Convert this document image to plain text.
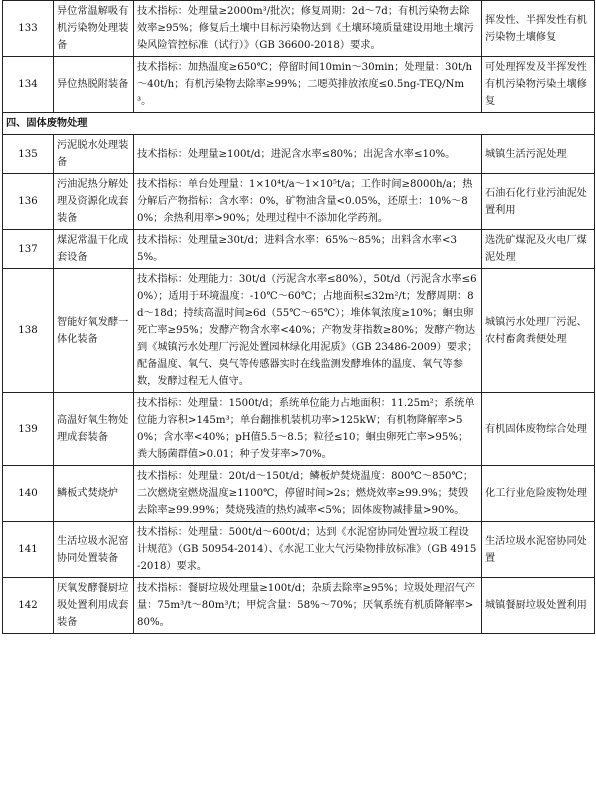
133	异位常温解吸有机污染物处理装备	技术指标：处理量≥2000m³/批次；修复周期：2d～7d；有机污染物去除效率≥95%；修复后土壤中目标污染物达到《土壤环境质量建设用地土壤污染风险管控标准（试行）》（GB 36600-2018）要求。	挥发性、半挥发性有机污染物土壤修复
134	异位热脱附装备	技术指标：加热温度≥650℃；停留时间10min～30min；处理量：30t/h～40t/h；有机污染物去除率≥99%；二噁英排放浓度≤0.5ng-TEQ/Nm³。	可处理挥发及半挥发性有机污染物污染土壤修复
四、固体废物处理			
135	污泥脱水处理装备	技术指标：处理量≥100t/d；进泥含水率≤80%；出泥含水率≤10%。	城镇生活污泥处理
136	污油泥热分解处理及资源化成套装备	技术指标：单台处理量：1×10⁴t/a～1×10⁵t/a；工作时间≥8000h/a；热分解后产物指标：含水率：0%，矿物油含量<0.05%，还原土：10%～80%；余热利用率>90%；处理过程中不添加化学药剂。	石油石化行业污油泥处置利用
137	煤泥常温干化成套设备	技术指标：处理量≥30t/d；进料含水率：65%～85%；出料含水率<35%。	选洗矿煤泥及火电厂煤泥处理
138	智能好氧发酵一体化装备	技术指标：处理能力：30t/d（污泥含水率≤80%），50t/d（污泥含水率≤60%）；适用于环境温度：-10℃～60℃；占地面积≤32m²/t；发酵周期：8d～18d；持续高温时间≥6d（55℃～65℃）；堆体氧浓度≥10%；蛔虫卵死亡率≥95%；发酵产物含水率<40%；产物发芽指数≥80%；发酵产物达到《城镇污水处理厂污泥处置园林绿化用泥质》（GB 23486-2009）要求；配备温度、氧气、臭气等传感器实时在线监测发酵堆体的温度、氧气等参数，发酵过程无人值守。	城镇污水处理厂污泥、农村畜禽粪便处理
139	高温好氧生物处理成套装备	技术指标：处理量：1500t/d；系统单位能力占地面积：11.25m²；系统单位能力容积>145m³；单台翻推机装机功率>125kW；有机物降解率>50%；含水率<40%；pH值5.5～8.5；粒径≤10；蛔虫卵死亡率>95%；粪大肠菌群值>0.01；种子发芽率>70%。	有机固体废物综合处理
140	鳞板式焚烧炉	技术指标：处理量：20t/d～150t/d；鳞板炉焚烧温度：800℃～850℃；二次燃烧室燃烧温度≥1100℃，停留时间>2s；燃烧效率≥99.9%；焚毁去除率≥99.99%；焚烧残渣的热灼减率<5%；固体废物减排量>90%。	化工行业危险废物处理
141	生活垃圾水泥窑协同处置装备	技术指标：处理量：500t/d～600t/d；达到《水泥窑协同处置垃圾工程设计规范》（GB 50954-2014）、《水泥工业大气污染物排放标准》（GB 4915-2018）要求。	生活垃圾水泥窑协同处置
142	厌氧发酵餐厨垃圾处置利用成套装备	技术指标：餐厨垃圾处理量≥100t/d；杂质去除率≥95%；垃圾处理沼气产量：75m³/t～80m³/t；甲烷含量：58%～70%；厌氧系统有机质降解率>80%。	城镇餐厨垃圾处置利用
